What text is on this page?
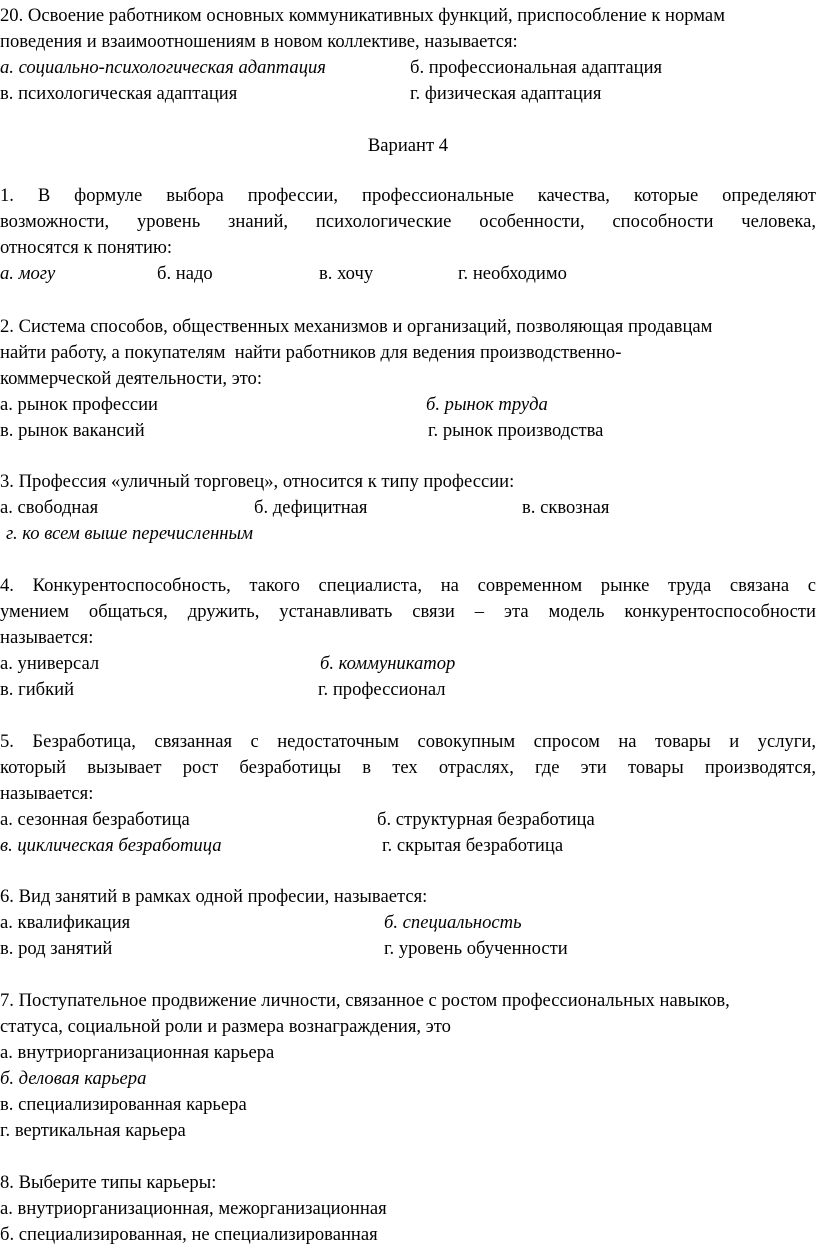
20. Освоение работником основных коммуникативных функций, приспособление к нормам
поведения и взаимоотношениям в новом коллективе, называется:
а. социально-психологическая адаптация	б. профессиональная адаптация
в. психологическая адаптация	г. физическая адаптация
Вариант 4
1. В формуле выбора профессии, профессиональные качества, которые определяют
возможности, уровень знаний, психологические особенности, способности человека,
относятся к понятию:
а. могу	б. надо	в. хочу	г. необходимо
2. Система способов, общественных механизмов и организаций, позволяющая продавцам
найти работу, а покупателям  найти работников для ведения производственно-
коммерческой деятельности, это:
а. рынок профессии	б. рынок труда
в. рынок вакансий	г. рынок производства
3. Профессия «уличный торговец», относится к типу профессии:
а. свободная	б. дефицитная	в. сквозная
г. ко всем выше перечисленным
4. Конкурентоспособность, такого специалиста, на современном рынке труда связана с
умением общаться, дружить, устанавливать связи – эта модель конкурентоспособности
называется:
а. универсал	б. коммуникатор
в. гибкий	г. профессионал
5. Безработица, связанная с недостаточным совокупным спросом на товары и услуги,
который вызывает рост безработицы в тех отраслях, где эти товары производятся,
называется:
а. сезонная безработица	б. структурная безработица
в. циклическая безработица	г. скрытая безработица
6. Вид занятий в рамках одной профеcии, называется:
а. квалификация	б. специальность
в. род занятий	г. уровень обученности
7. Поступательное продвижение личности, связанное с ростом профессиональных навыков,
статуса, социальной роли и размера вознаграждения, это
а. внутриорганизационная карьера
б. деловая карьера
в. специализированная карьера
г. вертикальная карьера
8. Выберите типы карьеры:
а. внутриорганизационная, межорганизационная
б. специализированная, не специализированная
